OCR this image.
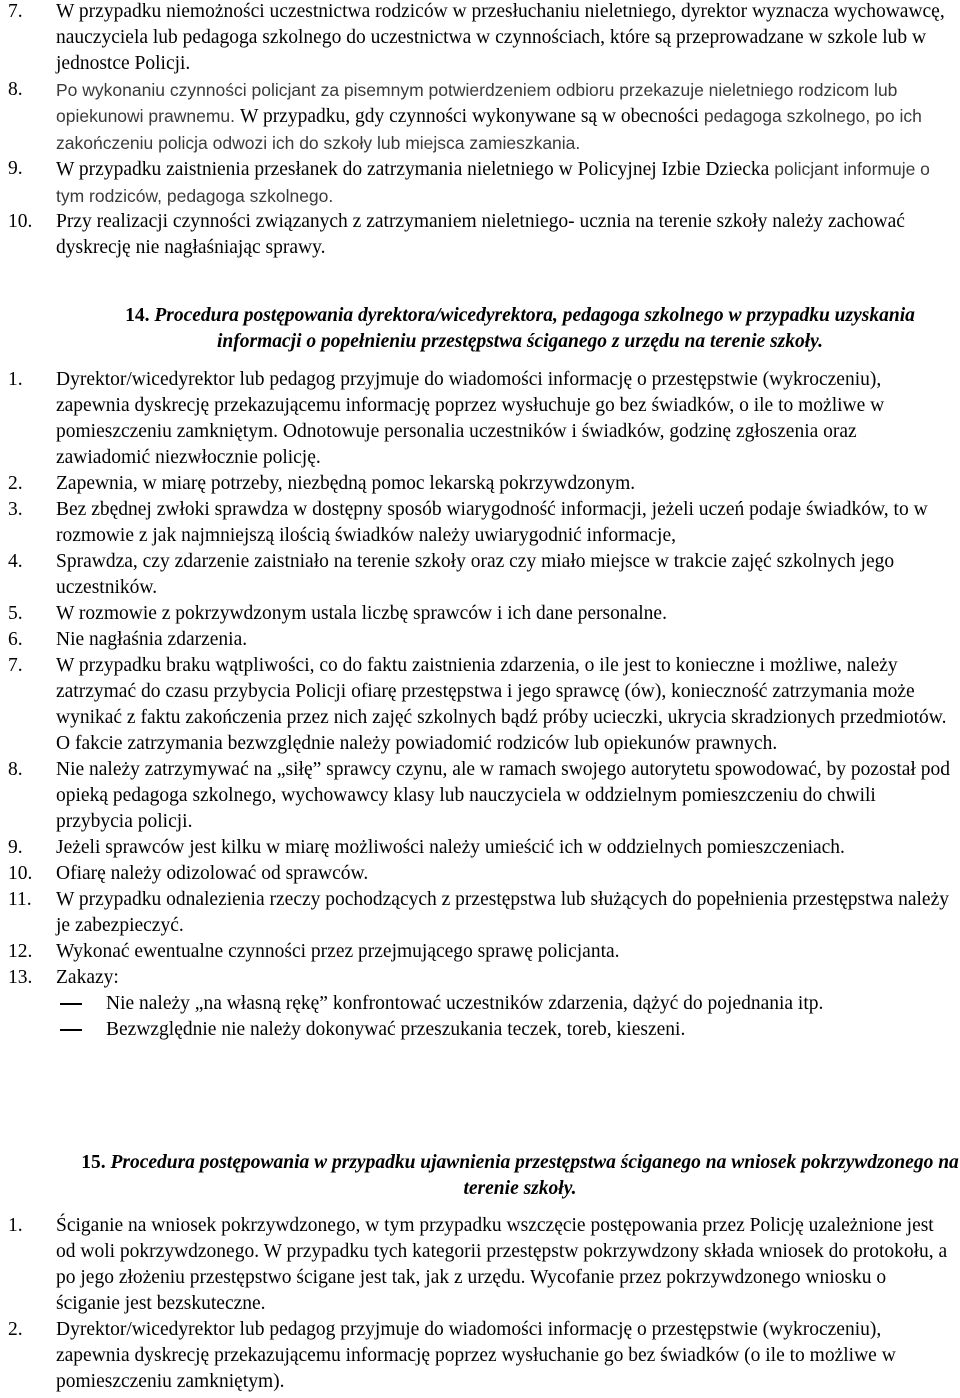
7.	W przypadku niemożności uczestnictwa rodziców w przesłuchaniu nieletniego, dyrektor wyznacza wychowawcę, nauczyciela lub pedagoga szkolnego do uczestnictwa w czynnościach, które są przeprowadzane w szkole lub w jednostce Policji.
8.	Po wykonaniu czynności policjant za pisemnym potwierdzeniem odbioru przekazuje nieletniego rodzicom lub opiekunowi prawnemu. W przypadku, gdy czynności wykonywane są w obecności pedagoga szkolnego, po ich zakończeniu policja odwozi ich do szkoły lub miejsca zamieszkania.
9.	W przypadku zaistnienia przesłanek do zatrzymania nieletniego w Policyjnej Izbie Dziecka policjant informuje o tym rodziców, pedagoga szkolnego.
10.	Przy realizacji czynności związanych z zatrzymaniem nieletniego- ucznia na terenie szkoły należy zachować dyskrecję nie nagłaśniając sprawy.
14. Procedura postępowania dyrektora/wicedyrektora, pedagoga szkolnego w przypadku uzyskania informacji o popełnieniu przestępstwa ściganego z urzędu na terenie szkoły.
1.	Dyrektor/wicedyrektor lub pedagog przyjmuje do wiadomości informację o przestępstwie (wykroczeniu), zapewnia dyskrecję przekazującemu informację poprzez wysłuchuje go bez świadków, o ile to możliwe w pomieszczeniu zamkniętym. Odnotowuje personalia uczestników i świadków, godzinę zgłoszenia oraz zawiadomić niezwłocznie policję.
2.	Zapewnia, w miarę potrzeby, niezbędną pomoc lekarską pokrzywdzonym.
3.	Bez zbędnej zwłoki sprawdza w dostępny sposób wiarygodność informacji, jeżeli uczeń podaje świadków, to w rozmowie z jak najmniejszą ilością świadków należy uwiarygodnić informacje,
4.	Sprawdza, czy zdarzenie zaistniało na terenie szkoły oraz czy miało miejsce w trakcie zajęć szkolnych jego uczestników.
5.	W rozmowie z pokrzywdzonym ustala liczbę sprawców i ich dane personalne.
6.	Nie nagłaśnia zdarzenia.
7.	W przypadku braku wątpliwości, co do faktu zaistnienia zdarzenia, o ile jest to konieczne i możliwe, należy zatrzymać do czasu przybycia Policji ofiarę przestępstwa i jego sprawcę (ów), konieczność zatrzymania może wynikać z faktu zakończenia przez nich zajęć szkolnych bądź próby ucieczki, ukrycia skradzionych przedmiotów. O fakcie zatrzymania bezwzględnie należy powiadomić rodziców lub opiekunów prawnych.
8.	Nie należy zatrzymywać na „siłę” sprawcy czynu, ale w ramach swojego autorytetu spowodować, by pozostał pod opieką pedagoga szkolnego, wychowawcy klasy lub nauczyciela w oddzielnym pomieszczeniu do chwili przybycia policji.
9.	Jeżeli sprawców jest kilku w miarę możliwości należy umieścić ich w oddzielnych pomieszczeniach.
10.	Ofiarę należy odizolować od sprawców.
11.	W przypadku odnalezienia rzeczy pochodzących z przestępstwa lub służących do popełnienia przestępstwa należy je zabezpieczyć.
12.	Wykonać ewentualne czynności przez przejmującego sprawę policjanta.
13.	Zakazy:
Nie należy „na własną rękę” konfrontować uczestników zdarzenia, dążyć do pojednania itp.
Bezwzględnie nie należy dokonywać przeszukania teczek, toreb, kieszeni.
15. Procedura postępowania w przypadku ujawnienia przestępstwa ściganego na wniosek pokrzywdzonego na terenie szkoły.
1.	Ściganie na wniosek pokrzywdzonego, w tym przypadku wszczęcie postępowania przez Policję uzależnione jest od woli pokrzywdzonego. W przypadku tych kategorii przestępstw pokrzywdzony składa wniosek do protokołu, a po jego złożeniu przestępstwo ścigane jest tak, jak z urzędu. Wycofanie przez pokrzywdzonego wniosku o ściganie jest bezskuteczne.
2.	Dyrektor/wicedyrektor lub pedagog przyjmuje do wiadomości informację o przestępstwie (wykroczeniu), zapewnia dyskrecję przekazującemu informację poprzez wysłuchanie go bez świadków (o ile to możliwe w pomieszczeniu zamkniętym).
